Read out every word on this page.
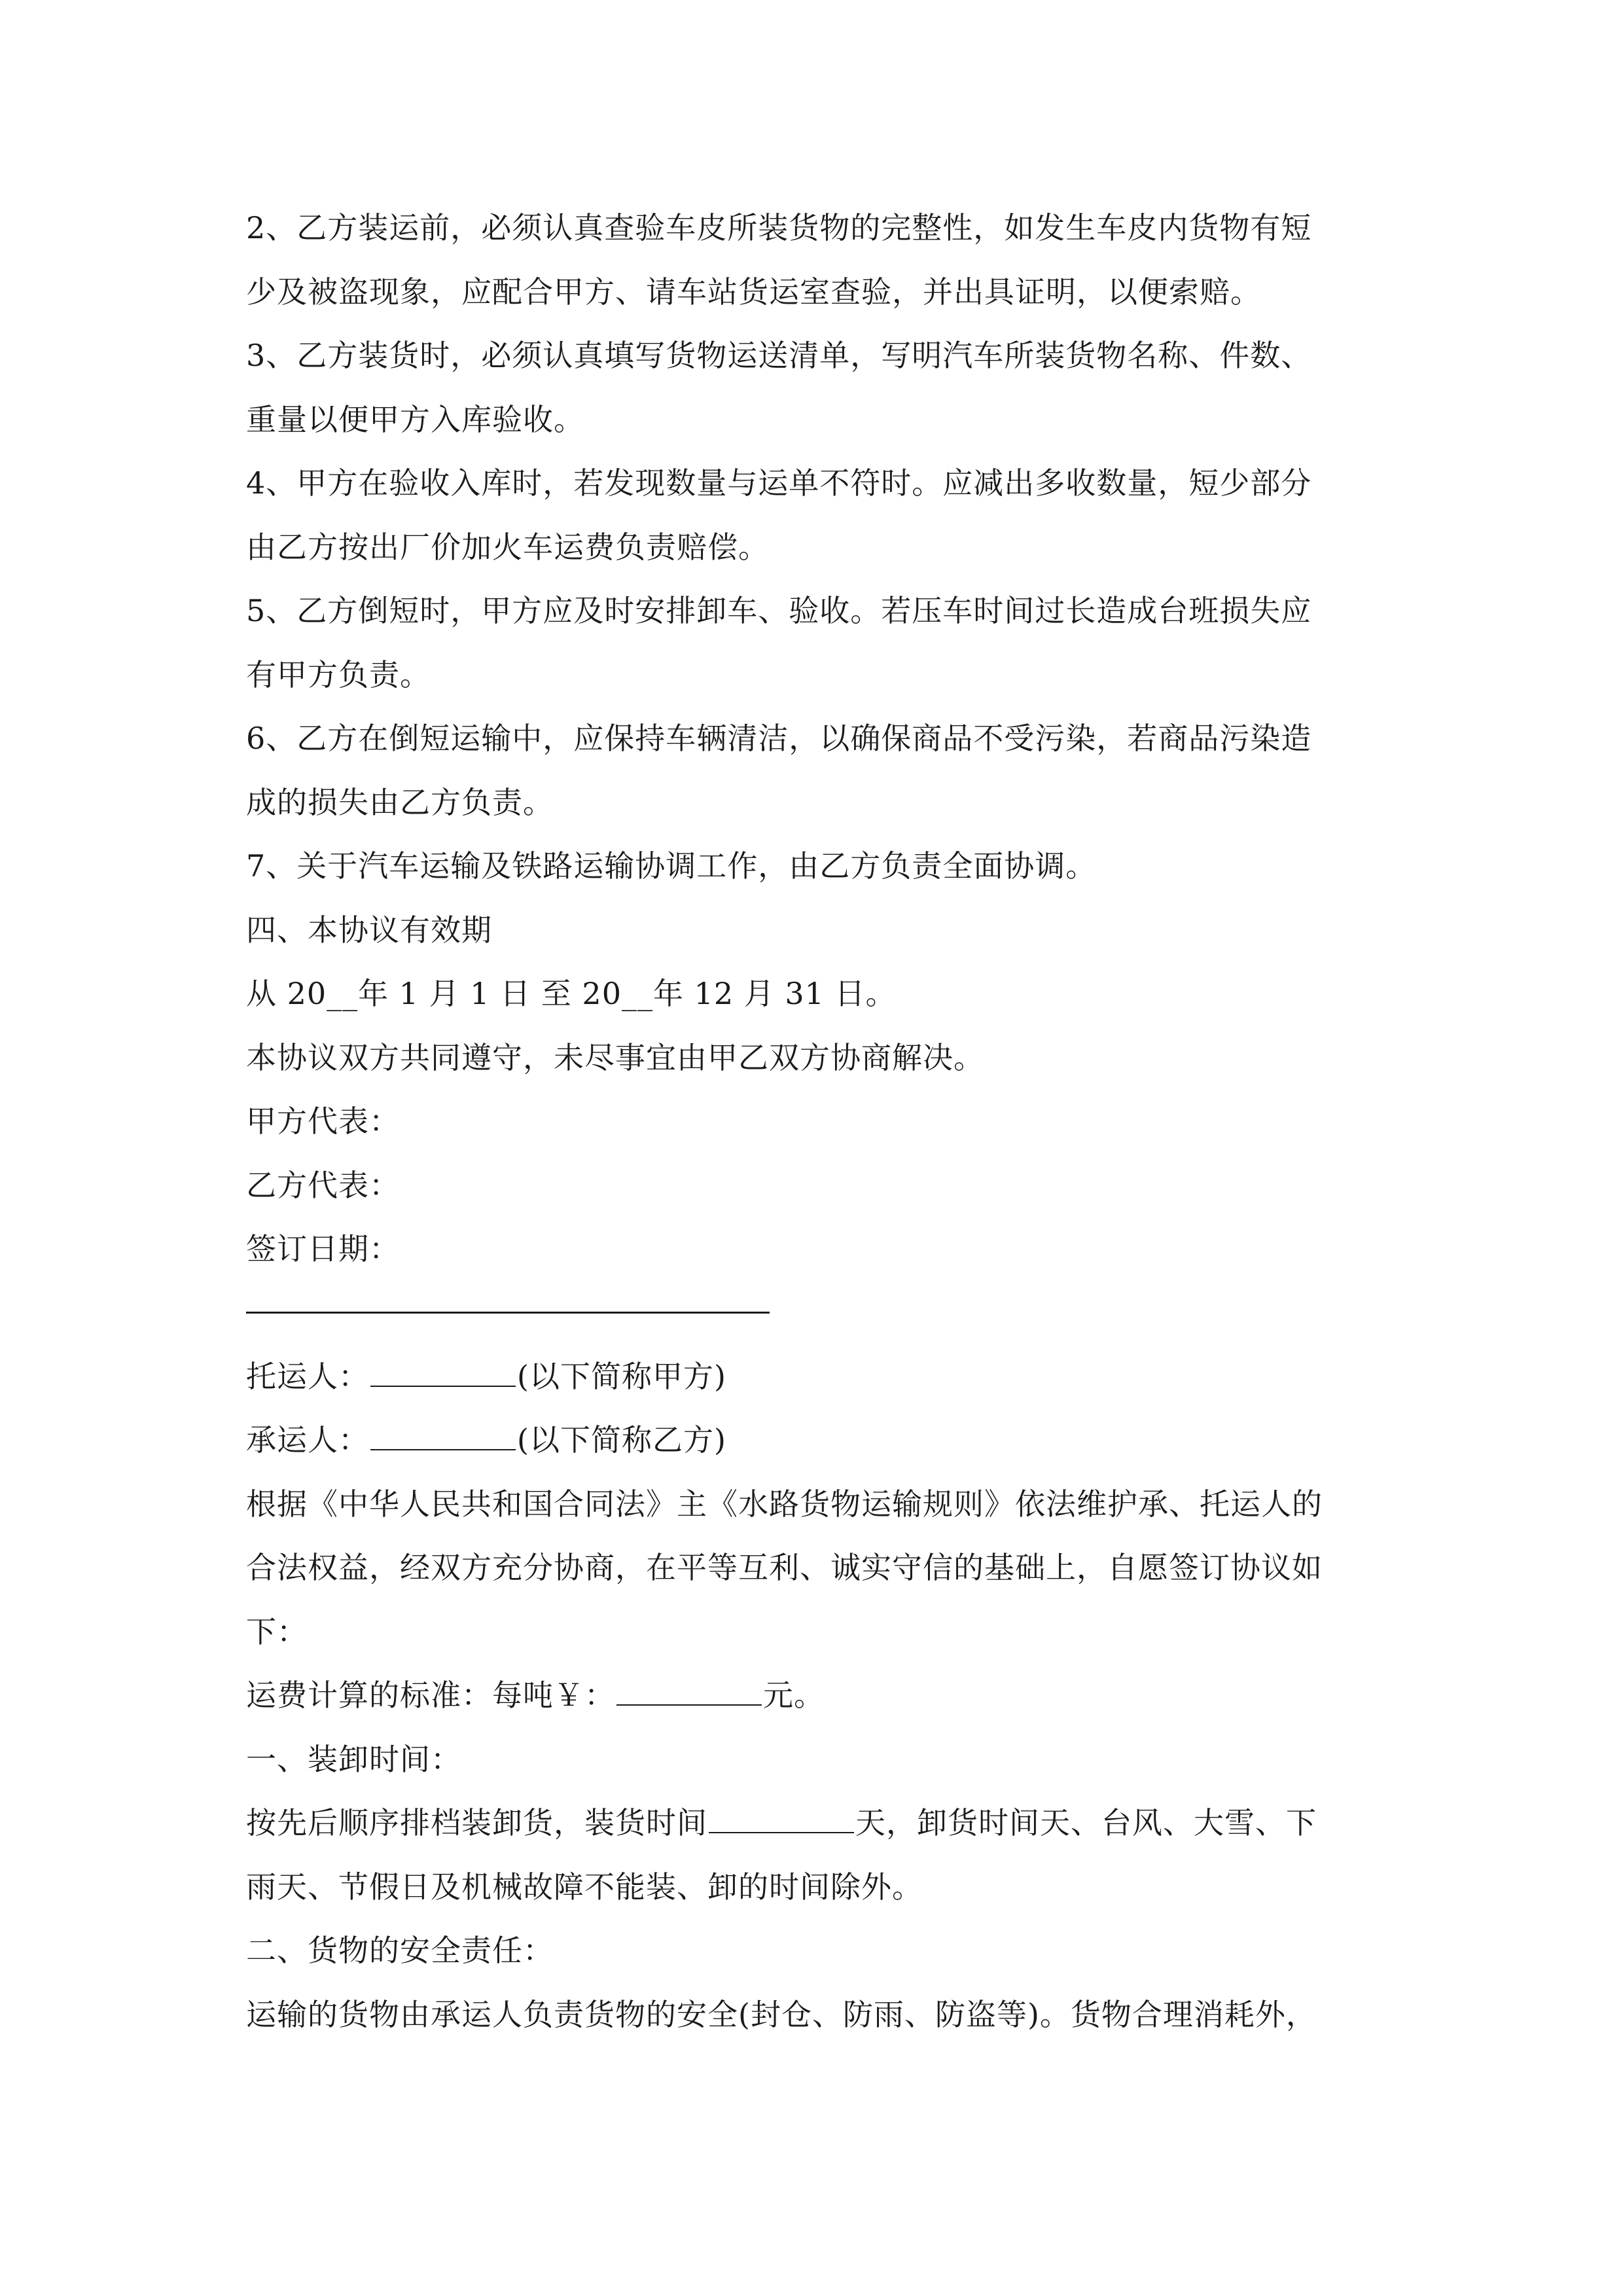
2、乙方装运前，必须认真查验车皮所装货物的完整性，如发生车皮内货物有短
少及被盗现象，应配合甲方、请车站货运室查验，并出具证明，以便索赔。
3、乙方装货时，必须认真填写货物运送清单，写明汽车所装货物名称、件数、
重量以便甲方入库验收。
4、甲方在验收入库时，若发现数量与运单不符时。应减出多收数量，短少部分
由乙方按出厂价加火车运费负责赔偿。
5、乙方倒短时，甲方应及时安排卸车、验收。若压车时间过长造成台班损失应
有甲方负责。
6、乙方在倒短运输中，应保持车辆清洁，以确保商品不受污染，若商品污染造
成的损失由乙方负责。
7、关于汽车运输及铁路运输协调工作，由乙方负责全面协调。
四、本协议有效期
从 20__年 1 月 1 日 至 20__年 12 月 31 日。
本协议双方共同遵守，未尽事宜由甲乙双方协商解决。
甲方代表：
乙方代表：
签订日期：
托运人：	(以下简称甲方)
承运人：	(以下简称乙方)
根据《中华人民共和国合同法》主《水路货物运输规则》依法维护承、托运人的
合法权益，经双方充分协商，在平等互利、诚实守信的基础上，自愿签订协议如
下：
运费计算的标准：每吨￥：	元。
一、装卸时间：
按先后顺序排档装卸货，装货时间	天，卸货时间天、台风、大雪、下
雨天、节假日及机械故障不能装、卸的时间除外。
二、货物的安全责任：
运输的货物由承运人负责货物的安全(封仓、防雨、防盗等)。货物合理消耗外，
